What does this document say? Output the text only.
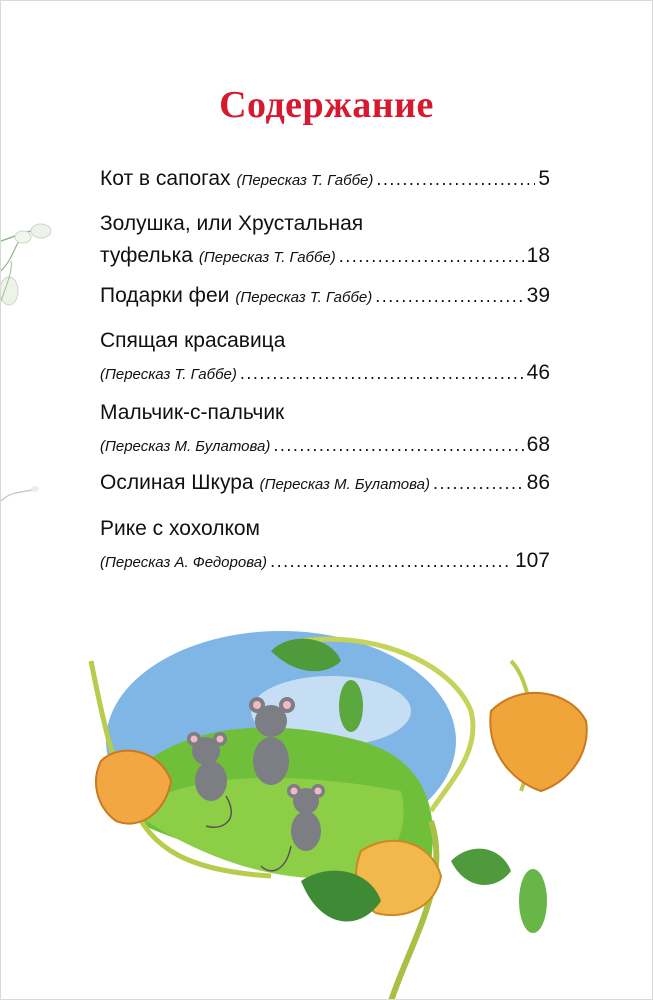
Содержание
Кот в сапогах (Пересказ Т. Габбе) .....	5
Золушка, или Хрустальная
туфелька (Пересказ Т. Габбе) .....	18
Подарки феи (Пересказ Т. Габбе) .....	39
Спящая красавица
(Пересказ Т. Габбе) .....	46
Мальчик-с-пальчик
(Пересказ М. Булатова) .....	68
Ослиная Шкура (Пересказ М. Булатова) .....	86
Рике с хохолком
(Пересказ А. Федорова) .....	107
